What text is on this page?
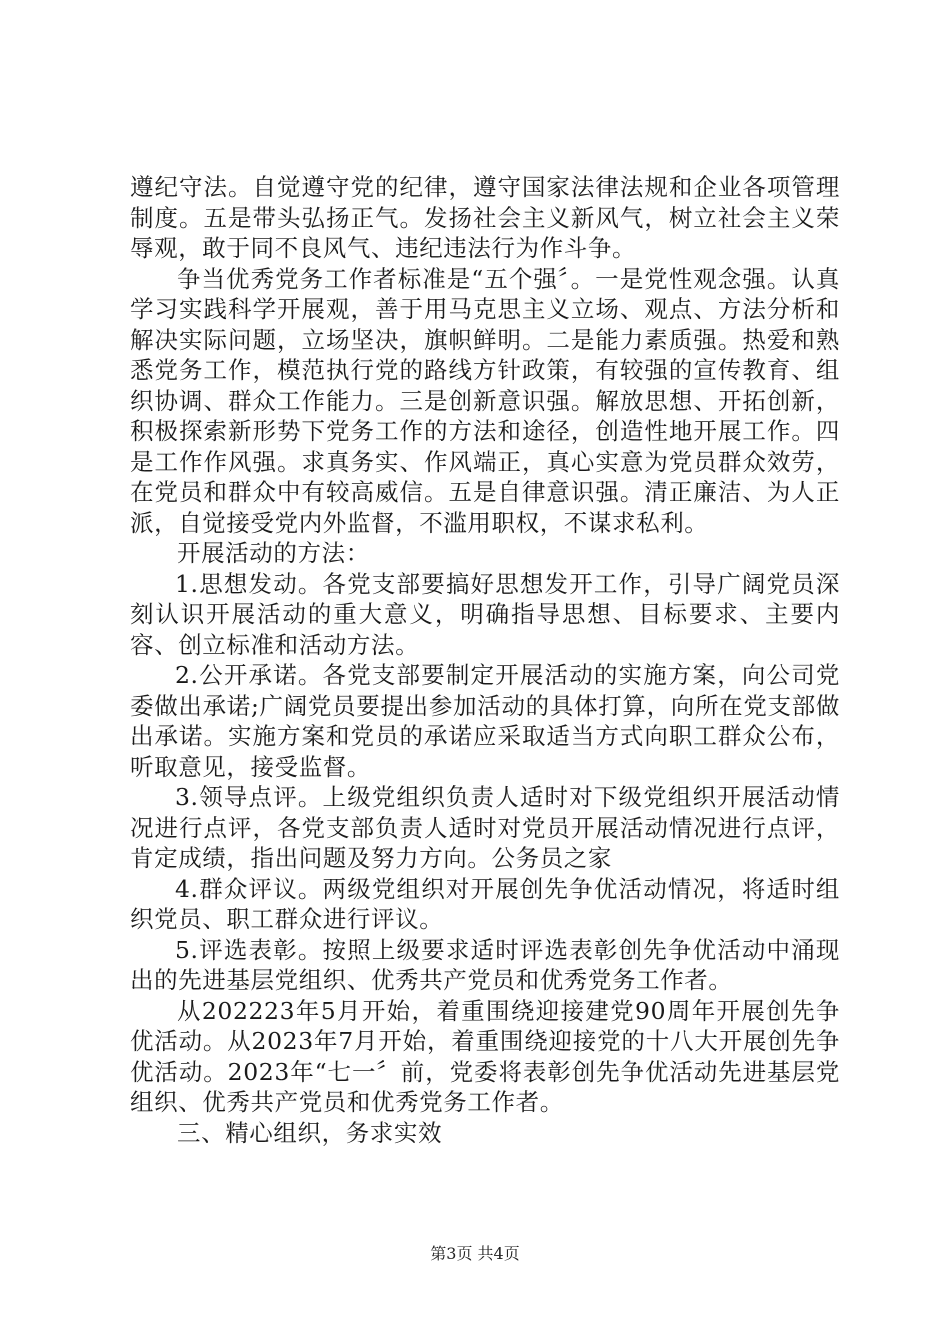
遵纪守法。自觉遵守党的纪律，遵守国家法律法规和企业各项管理制度。五是带头弘扬正气。发扬社会主义新风气，树立社会主义荣辱观，敢于同不良风气、违纪违法行为作斗争。

争当优秀党务工作者标准是“五个强〞。一是党性观念强。认真学习实践科学开展观，善于用马克思主义立场、观点、方法分析和解决实际问题，立场坚决，旗帜鲜明。二是能力素质强。热爱和熟悉党务工作，模范执行党的路线方针政策，有较强的宣传教育、组织协调、群众工作能力。三是创新意识强。解放思想、开拓创新，积极探索新形势下党务工作的方法和途径，创造性地开展工作。四是工作作风强。求真务实、作风端正，真心实意为党员群众效劳，在党员和群众中有较高威信。五是自律意识强。清正廉洁、为人正派，自觉接受党内外监督，不滥用职权，不谋求私利。

开展活动的方法：

1.思想发动。各党支部要搞好思想发开工作，引导广阔党员深刻认识开展活动的重大意义，明确指导思想、目标要求、主要内容、创立标准和活动方法。

2.公开承诺。各党支部要制定开展活动的实施方案，向公司党委做出承诺;广阔党员要提出参加活动的具体打算，向所在党支部做出承诺。实施方案和党员的承诺应采取适当方式向职工群众公布，听取意见，接受监督。

3.领导点评。上级党组织负责人适时对下级党组织开展活动情况进行点评，各党支部负责人适时对党员开展活动情况进行点评，肯定成绩，指出问题及努力方向。公务员之家

4.群众评议。两级党组织对开展创先争优活动情况，将适时组织党员、职工群众进行评议。

5.评选表彰。按照上级要求适时评选表彰创先争优活动中涌现出的先进基层党组织、优秀共产党员和优秀党务工作者。

从202223年5月开始，着重围绕迎接建党90周年开展创先争优活动。从2023年7月开始，着重围绕迎接党的十八大开展创先争优活动。2023年“七一〞前，党委将表彰创先争优活动先进基层党组织、优秀共产党员和优秀党务工作者。

三、精心组织，务求实效

第3页 共4页
